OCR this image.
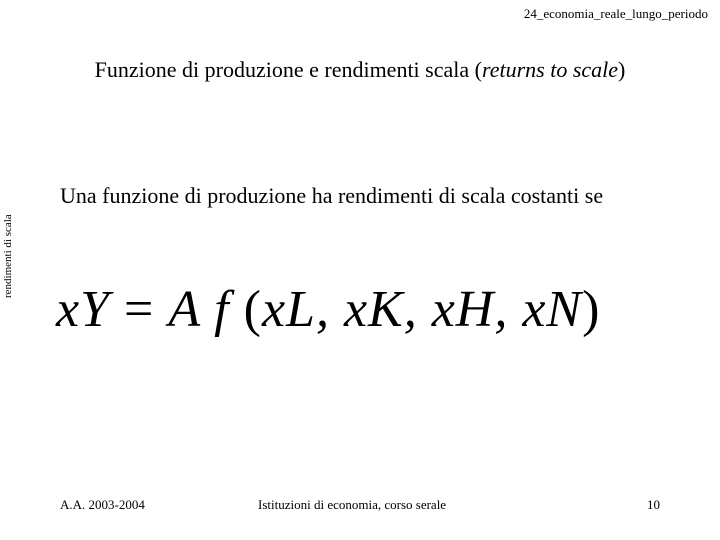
24_economia_reale_lungo_periodo
Funzione di produzione e rendimenti scala (returns to scale)
rendimenti di scala
Una funzione di produzione ha rendimenti di scala costanti se
xY = A f (xL, xK, xH, xN)
A.A. 2003-2004	Istituzioni di economia, corso serale	10
